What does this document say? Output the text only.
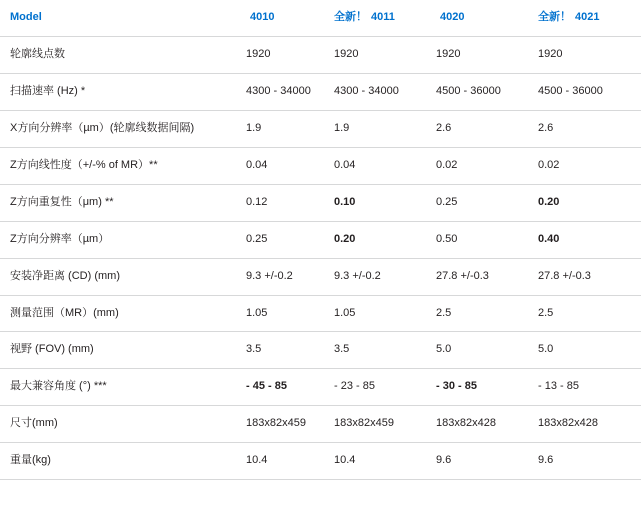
Model	4010	全新！ 4011	4020	全新！ 4021
轮廓线点数	1920	1920	1920	1920
扫描速率 (Hz) *	4300 - 34000	4300 - 34000	4500 - 36000	4500 - 36000
X方向分辨率（µm）(轮廓线数据间隔)	1.9	1.9	2.6	2.6
Z方向线性度（+/-% of MR）**	0.04	0.04	0.02	0.02
Z方向重复性（μm) **	0.12	0.10	0.25	0.20
Z方向分辨率（µm）	0.25	0.20	0.50	0.40
安装净距离 (CD) (mm)	9.3 +/-0.2	9.3 +/-0.2	27.8 +/-0.3	27.8 +/-0.3
测量范围（MR）(mm)	1.05	1.05	2.5	2.5
视野 (FOV) (mm)	3.5	3.5	5.0	5.0
最大兼容角度 (°) ***	- 45 - 85	- 23 - 85	- 30 - 85	- 13 - 85
尺寸(mm)	183x82x459	183x82x459	183x82x428	183x82x428
重量(kg)	10.4	10.4	9.6	9.6
